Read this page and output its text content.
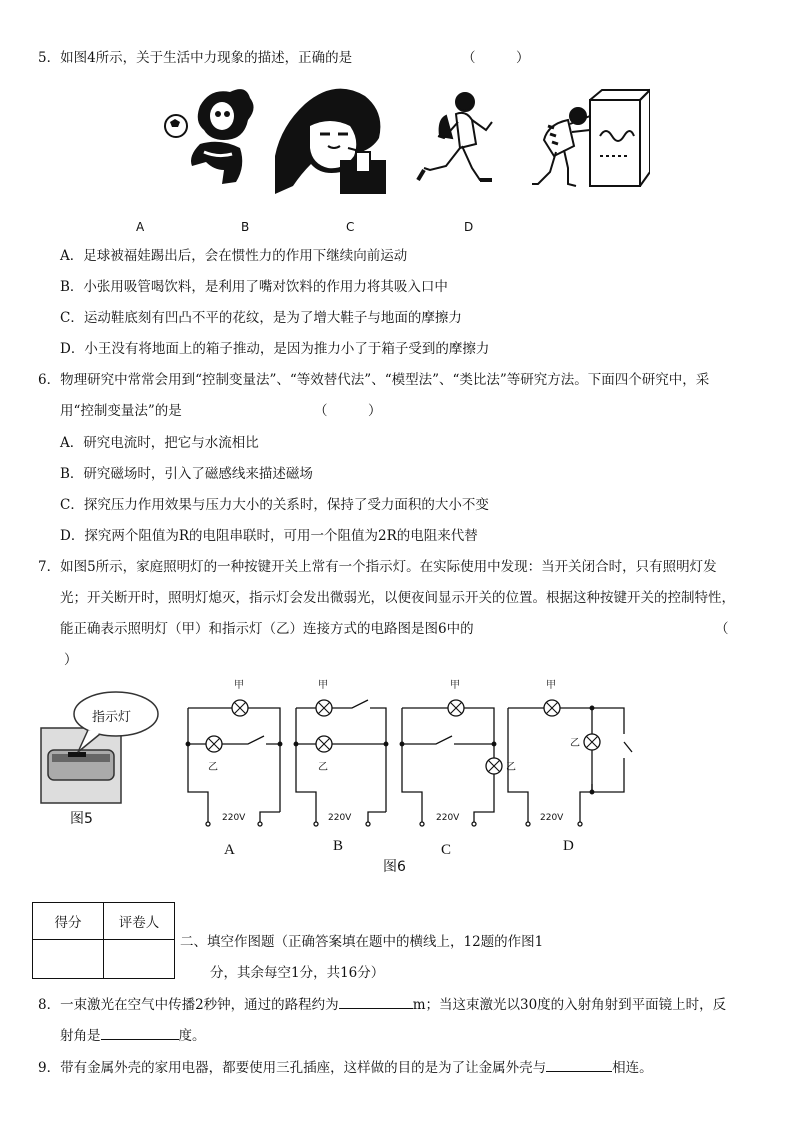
5．如图4所示，关于生活中力现象的描述，正确的是	（　　　）
A	B	C	D
A．足球被福娃踢出后，会在惯性力的作用下继续向前运动
B．小张用吸管喝饮料，是利用了嘴对饮料的作用力将其吸入口中
C．运动鞋底刻有凹凸不平的花纹，是为了增大鞋子与地面的摩擦力
D．小王没有将地面上的箱子推动，是因为推力小了于箱子受到的摩擦力
6．物理研究中常常会用到“控制变量法”、“等效替代法”、“模型法”、“类比法”等研究方法。下面四个研究中，采
用“控制变量法”的是	（　　　）
A．研究电流时，把它与水流相比
B．研究磁场时，引入了磁感线来描述磁场
C．探究压力作用效果与压力大小的关系时，保持了受力面积的大小不变
D．探究两个阻值为R的电阻串联时，可用一个阻值为2R的电阻来代替
7．如图5所示，家庭照明灯的一种按键开关上常有一个指示灯。在实际使用中发现：当开关闭合时，只有照明灯发
光；开关断开时，照明灯熄灭，指示灯会发出微弱光，以便夜间显示开关的位置。根据这种按键开关的控制特性，
能正确表示照明灯（甲）和指示灯（乙）连接方式的电路图是图6中的	（
）
指示灯
图5
甲	甲	甲	甲
乙	乙	乙
乙
220V	220V	220V	220V
A	B	C	D
图6
得分	评卷人

二、填空作图题（正确答案填在题中的横线上，12题的作图1
分，其余每空1分，共16分）
8．一束激光在空气中传播2秒钟，通过的路程约为	m；当这束激光以30度的入射角射到平面镜上时，反
射角是	度。
9．带有金属外壳的家用电器，都要使用三孔插座，这样做的目的是为了让金属外壳与	相连。
